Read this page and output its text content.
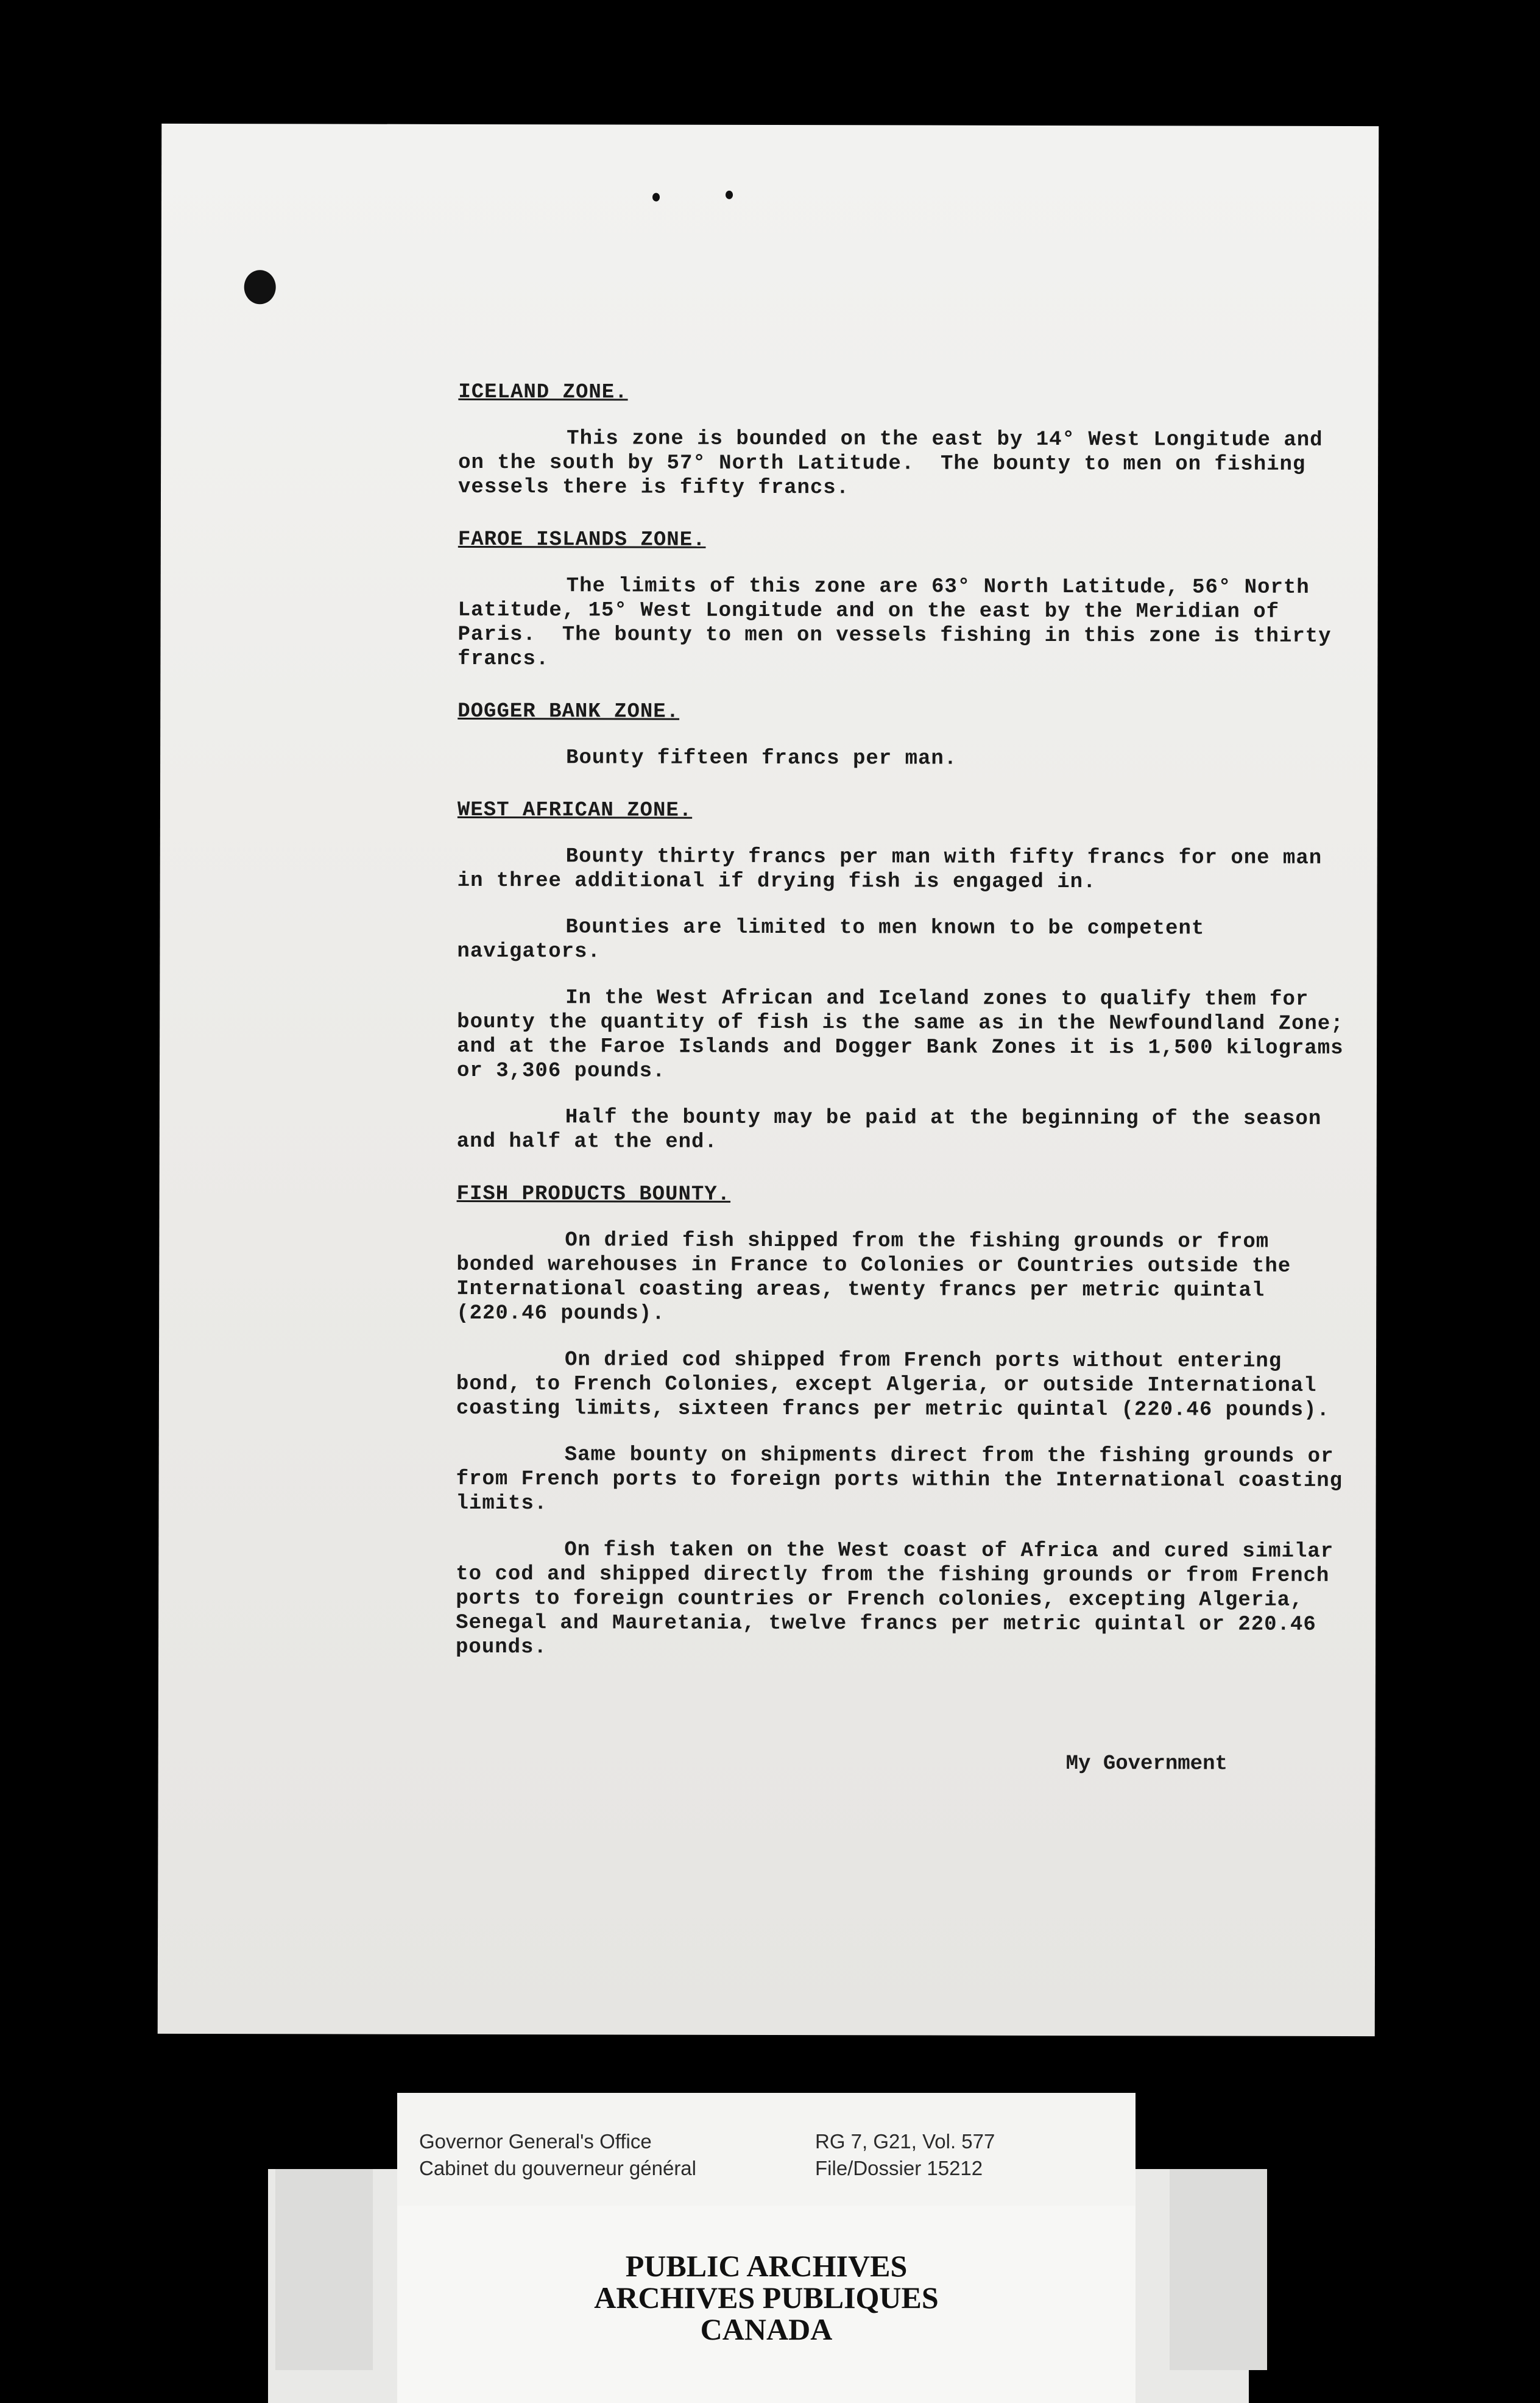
ICELAND ZONE.

This zone is bounded on the east by 14° West Longitude and on the south by 57° North Latitude.  The bounty to men on fishing vessels there is fifty francs.

FAROE ISLANDS ZONE.

The limits of this zone are 63° North Latitude, 56° North Latitude, 15° West Longitude and on the east by the Meridian of Paris.  The bounty to men on vessels fishing in this zone is thirty francs.

DOGGER BANK ZONE.

Bounty fifteen francs per man.

WEST AFRICAN ZONE.

Bounty thirty francs per man with fifty francs for one man in three additional if drying fish is engaged in.

Bounties are limited to men known to be competent navigators.

In the West African and Iceland zones to qualify them for bounty the quantity of fish is the same as in the Newfoundland Zone; and at the Faroe Islands and Dogger Bank Zones it is 1,500 kilograms or 3,306 pounds.

Half the bounty may be paid at the beginning of the season and half at the end.

FISH PRODUCTS BOUNTY.

On dried fish shipped from the fishing grounds or from bonded warehouses in France to Colonies or Countries outside the International coasting areas, twenty francs per metric quintal (220.46 pounds).

On dried cod shipped from French ports without entering bond, to French Colonies, except Algeria, or outside International coasting limits, sixteen francs per metric quintal (220.46 pounds).

Same bounty on shipments direct from the fishing grounds or from French ports to foreign ports within the International coasting limits.

On fish taken on the West coast of Africa and cured similar to cod and shipped directly from the fishing grounds or from French ports to foreign countries or French colonies, excepting Algeria, Senegal and Mauretania, twelve francs per metric quintal or 220.46 pounds.

My Government
Governor General's Office
Cabinet du gouverneur général
RG 7, G21, Vol. 577
File/Dossier 15212
PUBLIC ARCHIVES
ARCHIVES PUBLIQUES
CANADA
